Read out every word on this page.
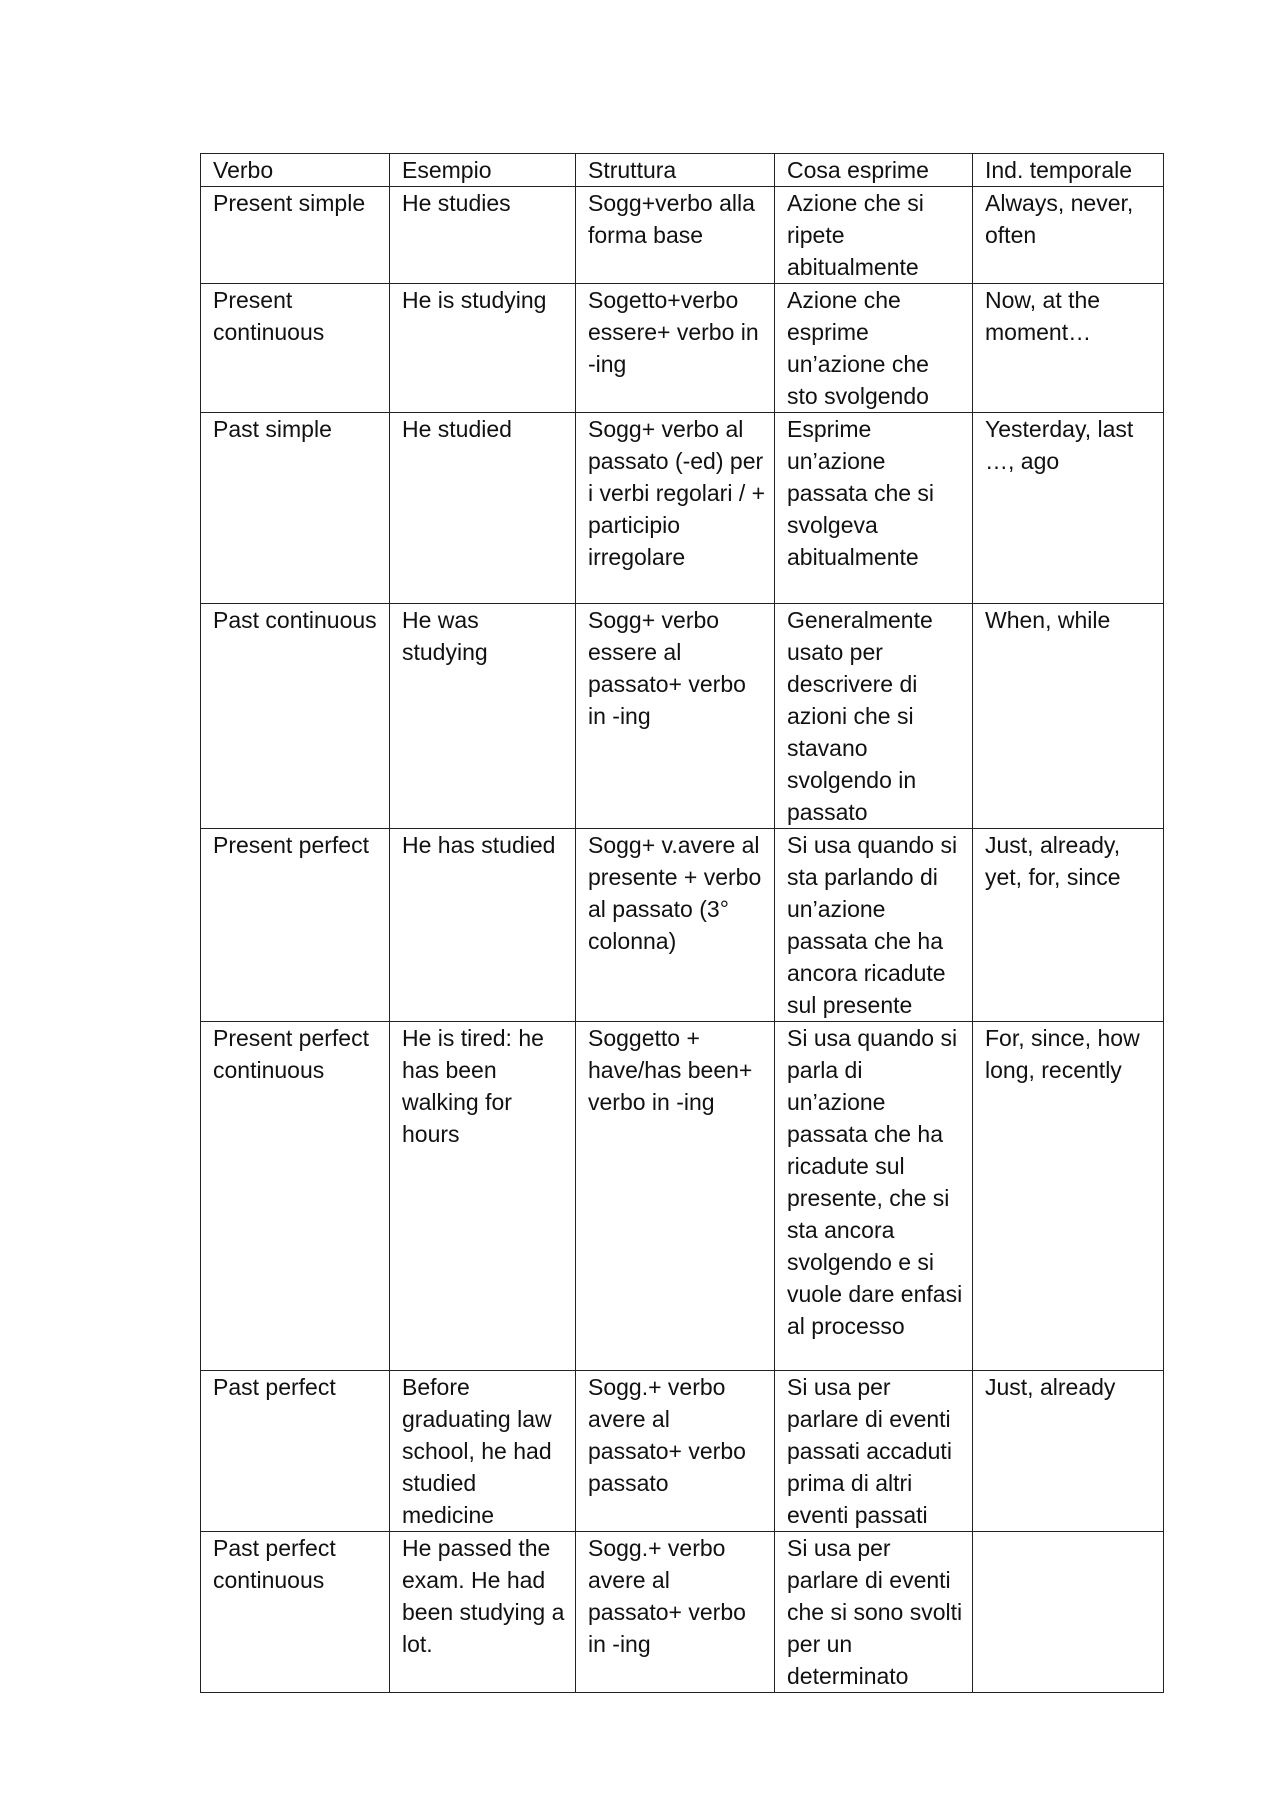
Verbo	Esempio	Struttura	Cosa esprime	Ind. temporale
Present simple	He studies	Sogg+verbo alla forma base	Azione che si ripete abitualmente	Always, never, often
Present continuous	He is studying	Sogetto+verbo essere+ verbo in -ing	Azione che esprime un’azione che sto svolgendo	Now, at the moment…
Past simple	He studied	Sogg+ verbo al passato (-ed) per i verbi regolari / + participio irregolare	Esprime un’azione passata che si svolgeva abitualmente	Yesterday, last …, ago
Past continuous	He was studying	Sogg+ verbo essere al passato+ verbo in -ing	Generalmente usato per descrivere di azioni che si stavano svolgendo in passato	When, while
Present perfect	He has studied	Sogg+ v.avere al presente + verbo al passato (3° colonna)	Si usa quando si sta parlando di un’azione passata che ha ancora ricadute sul presente	Just, already, yet, for, since
Present perfect continuous	He is tired: he has been walking for hours	Soggetto + have/has been+ verbo in -ing	Si usa quando si parla di un’azione passata che ha ricadute sul presente, che si sta ancora svolgendo e si vuole dare enfasi al processo	For, since, how long, recently
Past perfect	Before graduating law school, he had studied medicine	Sogg.+ verbo avere al passato+ verbo passato	Si usa per parlare di eventi passati accaduti prima di altri eventi passati	Just, already
Past perfect continuous	He passed the exam. He had been studying a lot.	Sogg.+ verbo avere al passato+ verbo in -ing	Si usa per parlare di eventi che si sono svolti per un determinato	
